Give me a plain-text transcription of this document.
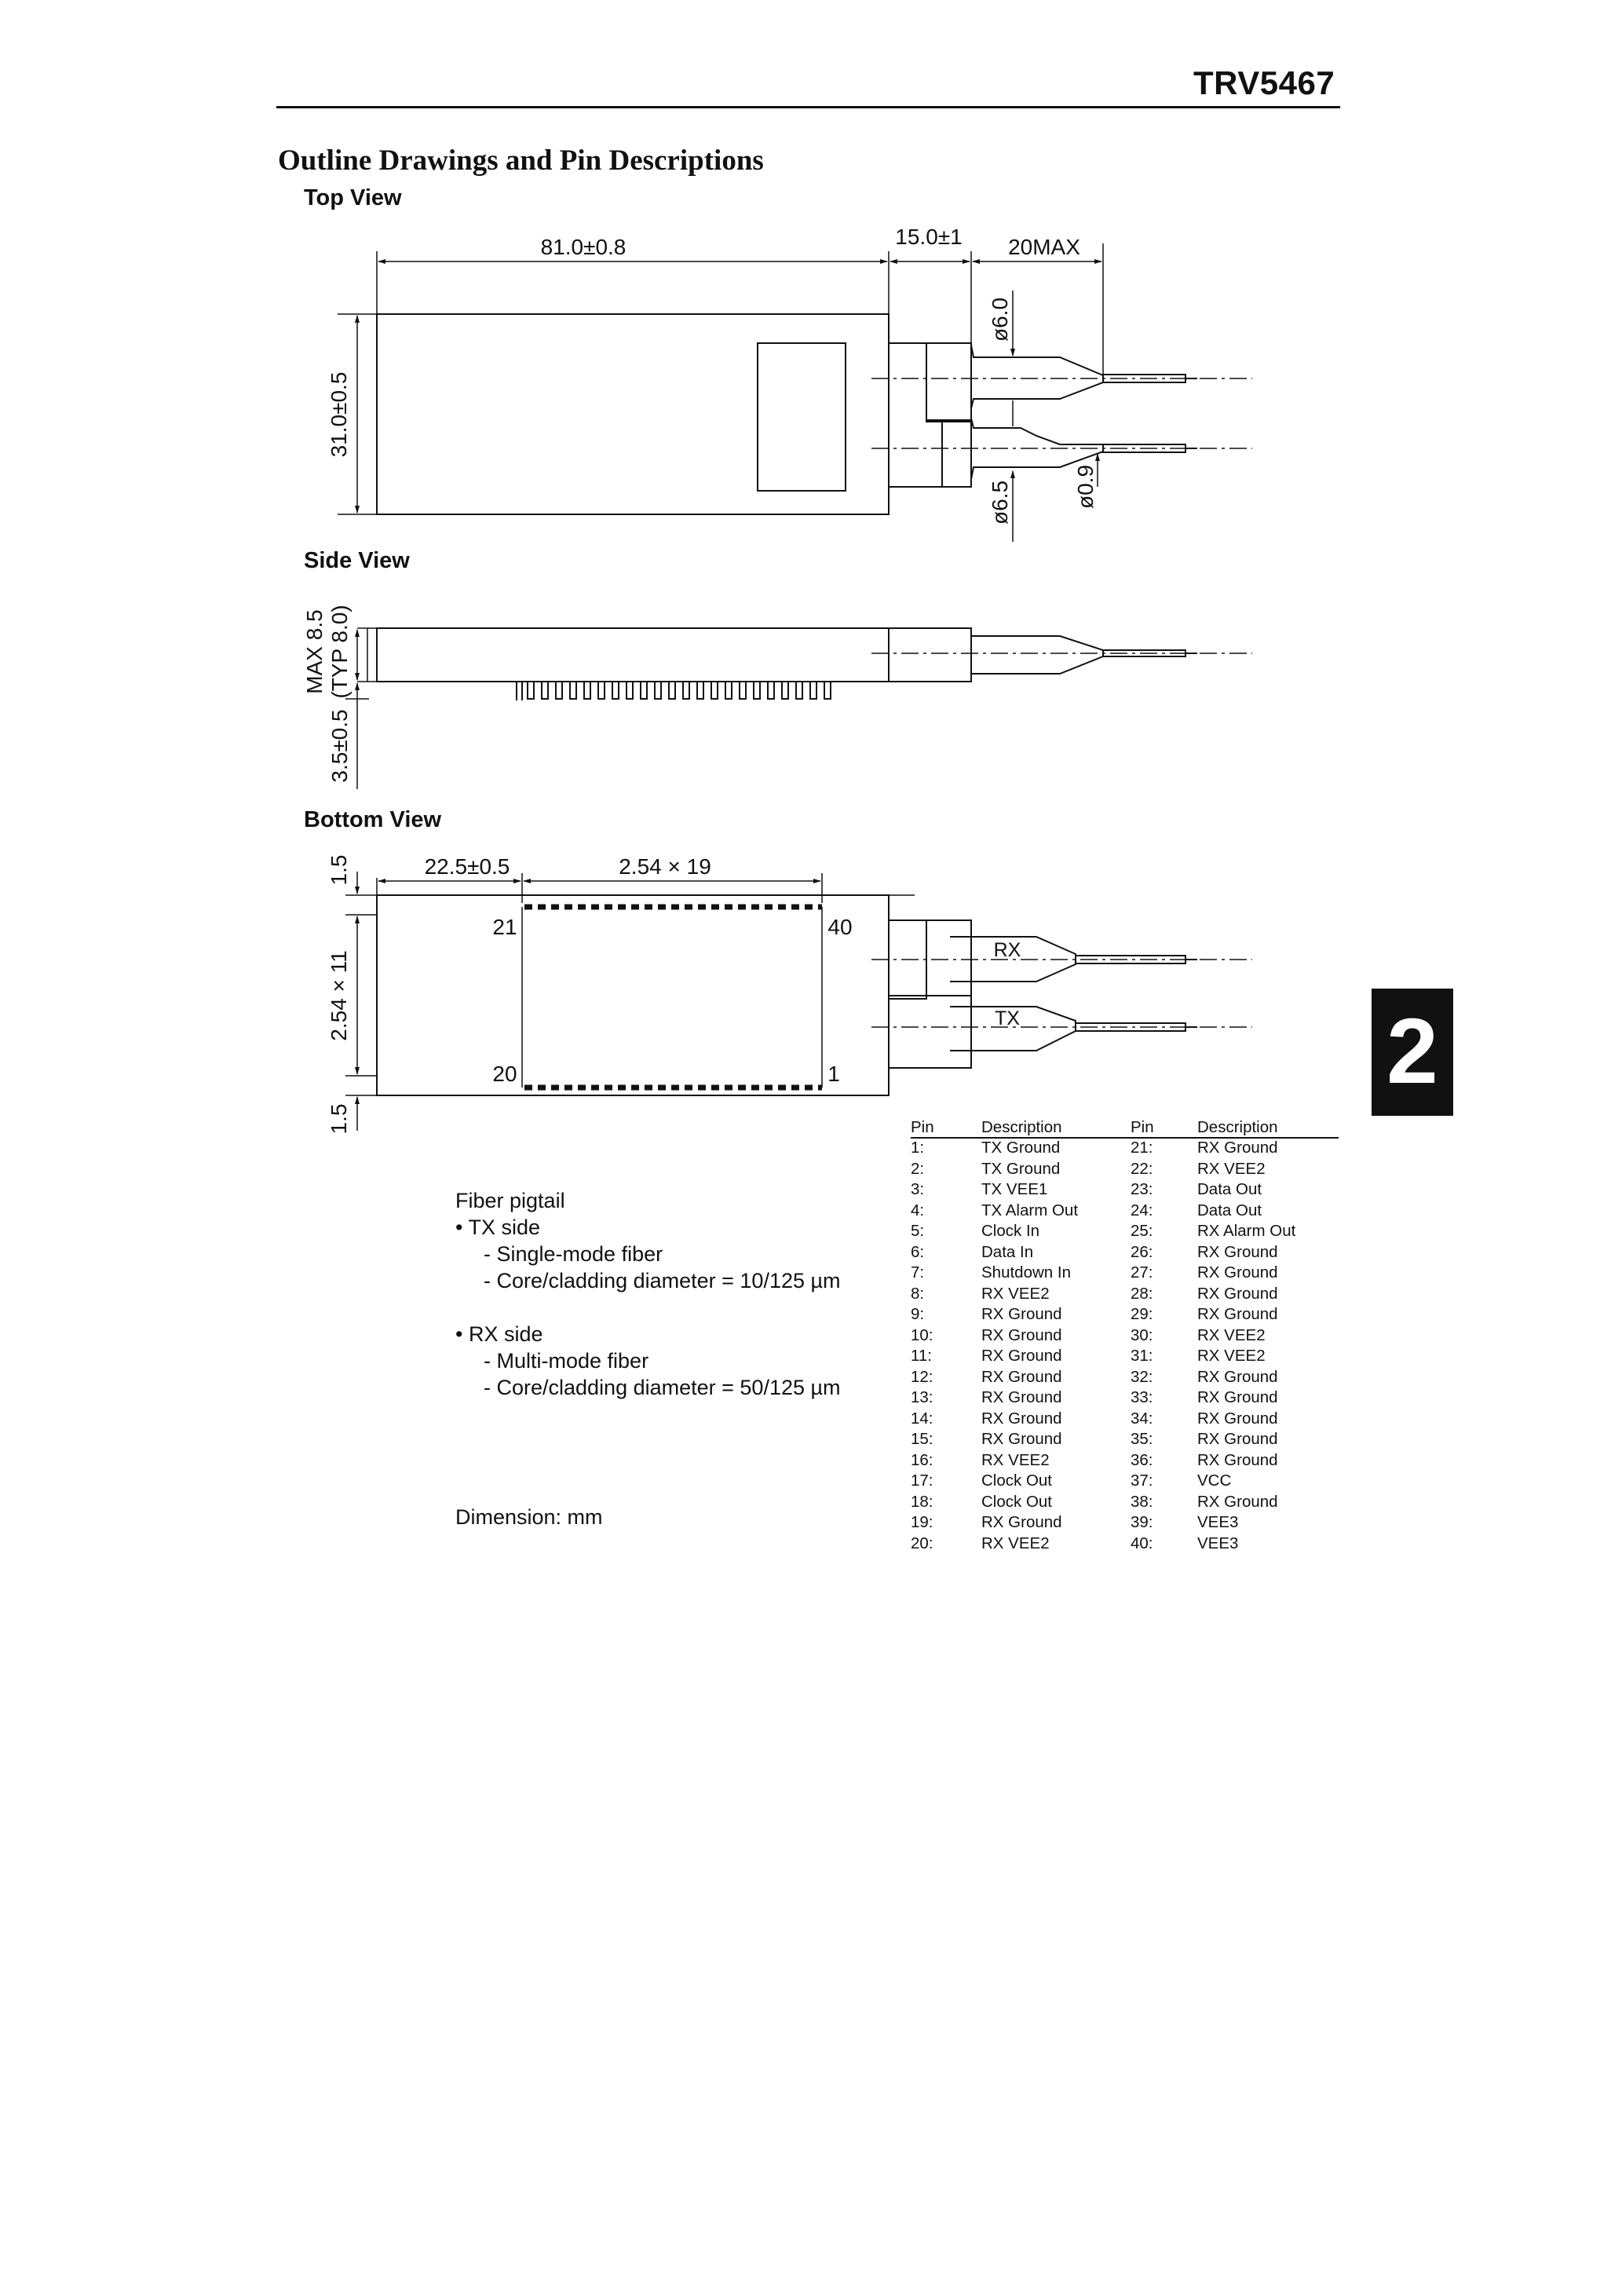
TRV5467
Outline Drawings and Pin Descriptions
Top View
Side View
Bottom View
2
81.0±0.8	15.0±1 20MAX
31.0±0.5
ø6.0
ø6.5	ø0.9
MAX 8.5 (TYP 8.0)
3.5±0.5
22.5±0.5	2.54 × 19
2.54 × 11
1.5
1.5
21	40
20	1
RX
TX
Fiber pigtail
• TX side
- Single-mode fiber
- Core/cladding diameter = 10/125 µm
• RX side
- Multi-mode fiber
- Core/cladding diameter = 50/125 µm
Dimension: mm
Pin	Description	Pin	Description
1:	TX Ground	21:	RX Ground
2:	TX Ground	22:	RX VEE2
3:	TX VEE1	23:	Data Out
4:	TX Alarm Out	24:	Data Out
5:	Clock In	25:	RX Alarm Out
6:	Data In	26:	RX Ground
7:	Shutdown In	27:	RX Ground
8:	RX VEE2	28:	RX Ground
9:	RX Ground	29:	RX Ground
10:	RX Ground	30:	RX VEE2
11:	RX Ground	31:	RX VEE2
12:	RX Ground	32:	RX Ground
13:	RX Ground	33:	RX Ground
14:	RX Ground	34:	RX Ground
15:	RX Ground	35:	RX Ground
16:	RX VEE2	36:	RX Ground
17:	Clock Out	37:	VCC
18:	Clock Out	38:	RX Ground
19:	RX Ground	39:	VEE3
20:	RX VEE2	40:	VEE3
